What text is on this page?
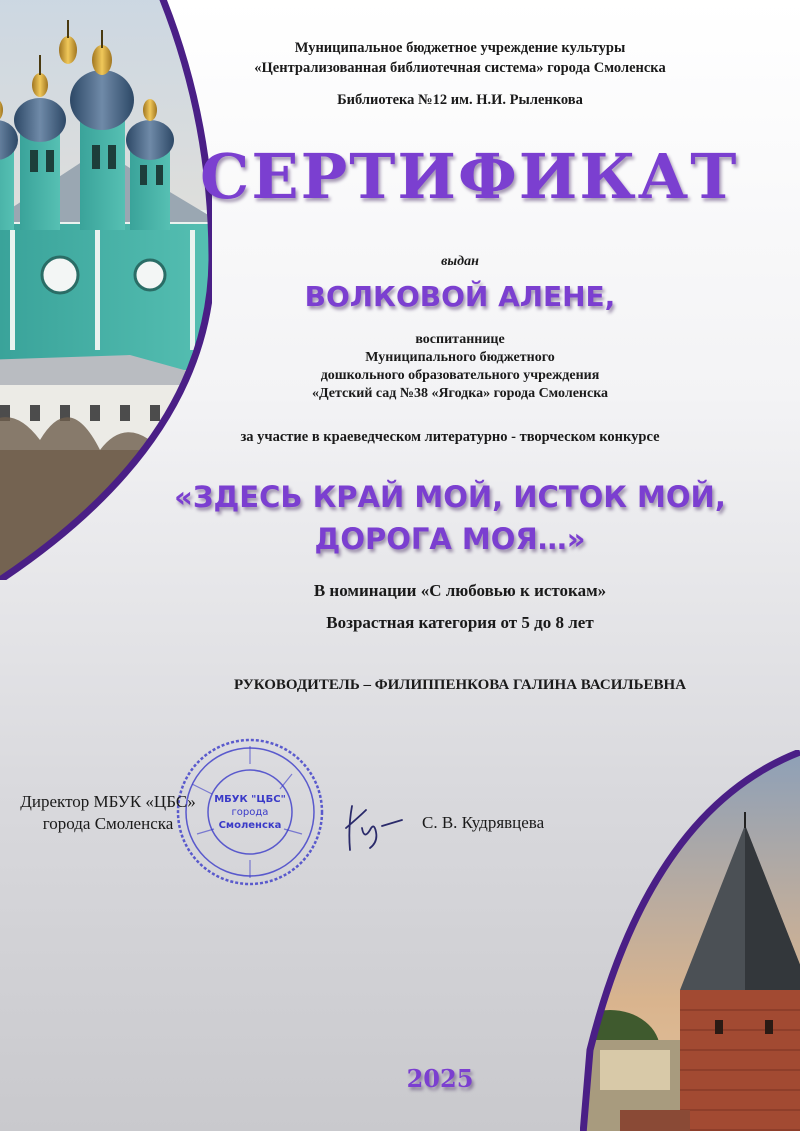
Муниципальное бюджетное учреждение культуры
«Централизованная библиотечная система» города Смоленска
Библиотека №12 им. Н.И. Рыленкова
СЕРТИФИКАТ
выдан
ВОЛКОВОЙ АЛЕНЕ,
воспитаннице
Муниципального бюджетного
дошкольного образовательного учреждения
«Детский сад №38 «Ягодка» города Смоленска
за участие в краеведческом литературно - творческом конкурсе
«ЗДЕСЬ КРАЙ МОЙ, ИСТОК МОЙ,
ДОРОГА МОЯ…»
В номинации «С любовью к истокам»
Возрастная категория от 5 до 8 лет
РУКОВОДИТЕЛЬ – ФИЛИППЕНКОВА ГАЛИНА ВАСИЛЬЕВНА
МБУК "ЦБС"
города
Смоленска
Директор МБУК «ЦБС»
города Смоленска	С. В. Кудрявцева
2025
